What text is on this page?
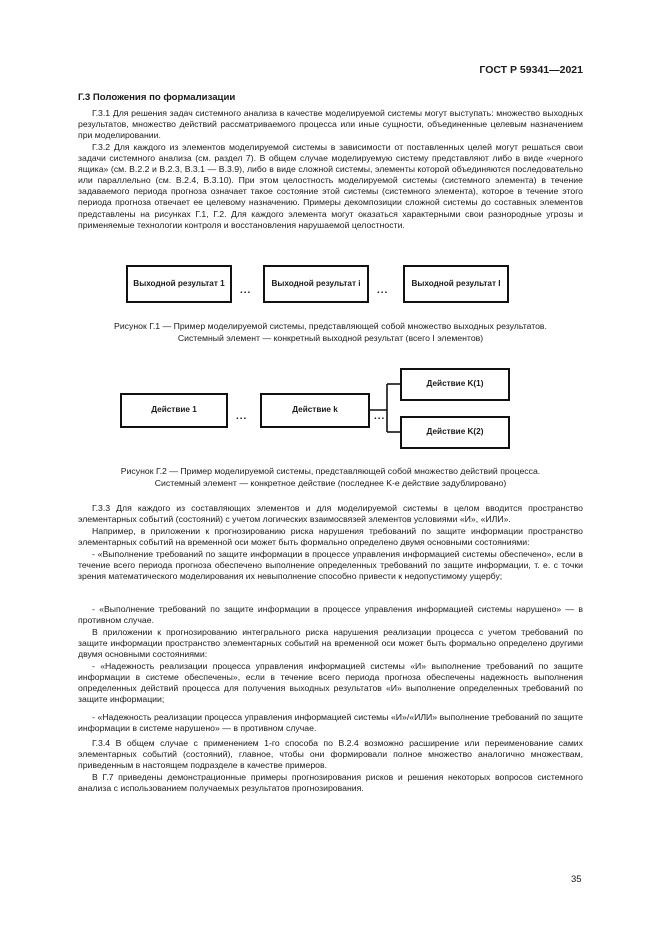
ГОСТ Р 59341—2021
Г.3 Положения по формализации

Г.3.1 Для решения задач системного анализа в качестве моделируемой системы могут выступать: множество выходных результатов, множество действий рассматриваемого процесса или иные сущности, объединенные целевым назначением при моделировании.

Г.3.2 Для каждого из элементов моделируемой системы в зависимости от поставленных целей могут решаться свои задачи системного анализа (см. раздел 7). В общем случае моделируемую систему представляют либо в виде «черного ящика» (см. В.2.2 и В.2.3, В.3.1 — В.3.9), либо в виде сложной системы, элементы которой объединяются последовательно или параллельно (см. В.2.4, В.3.10). При этом целостность моделируемой системы (системного элемента) в течение задаваемого периода прогноза означает такое состояние этой системы (системного элемента), которое в течение этого периода прогноза отвечает ее целевому назначению. Примеры декомпозиции сложной системы до составных элементов представлены на рисунках Г.1, Г.2. Для каждого элемента могут оказаться характерными свои разнородные угрозы и применяемые технологии контроля и восстановления нарушаемой целостности.

Выходной результат 1
...
Выходной результат i
...
Выходной результат I

Рисунок Г.1 — Пример моделируемой системы, представляющей собой множество выходных результатов.

Системный элемент — конкретный выходной результат (всего I элементов)

Действие 1
...
Действие k
...
Действие K(1)
Действие K(2)

Рисунок Г.2 — Пример моделируемой системы, представляющей собой множество действий процесса.

Системный элемент — конкретное действие (последнее K-е действие задублировано)

Г.3.3 Для каждого из составляющих элементов и для моделируемой системы в целом вводится пространство элементарных событий (состояний) с учетом логических взаимосвязей элементов условиями «И», «ИЛИ».

Например, в приложении к прогнозированию риска нарушения требований по защите информации пространство элементарных событий на временной оси может быть формально определено двумя основными состояниями:

- «Выполнение требований по защите информации в процессе управления информацией системы обеспечено», если в течение всего периода прогноза обеспечено выполнение определенных требований по защите информации, т. е. с точки зрения математического моделирования их невыполнение способно привести к недопустимому ущербу;

- «Выполнение требований по защите информации в процессе управления информацией системы нарушено» — в противном случае.

В приложении к прогнозированию интегрального риска нарушения реализации процесса с учетом требований по защите информации пространство элементарных событий на временной оси может быть формально определено другими двумя основными состояниями:

- «Надежность реализации процесса управления информацией системы «И» выполнение требований по защите информации в системе обеспечены», если в течение всего периода прогноза обеспечены надежность выполнения определенных действий процесса для получения выходных результатов «И» выполнение определенных требований по защите информации;

- «Надежность реализации процесса управления информацией системы «И»/«ИЛИ» выполнение требований по защите информации в системе нарушено» — в противном случае.

Г.3.4 В общем случае с применением 1-го способа по В.2.4 возможно расширение или переименование самих элементарных событий (состояний), главное, чтобы они формировали полное множество аналогично множествам, приведенным в настоящем подразделе в качестве примеров.

В Г.7 приведены демонстрационные примеры прогнозирования рисков и решения некоторых вопросов системного анализа с использованием получаемых результатов прогнозирования.

35
